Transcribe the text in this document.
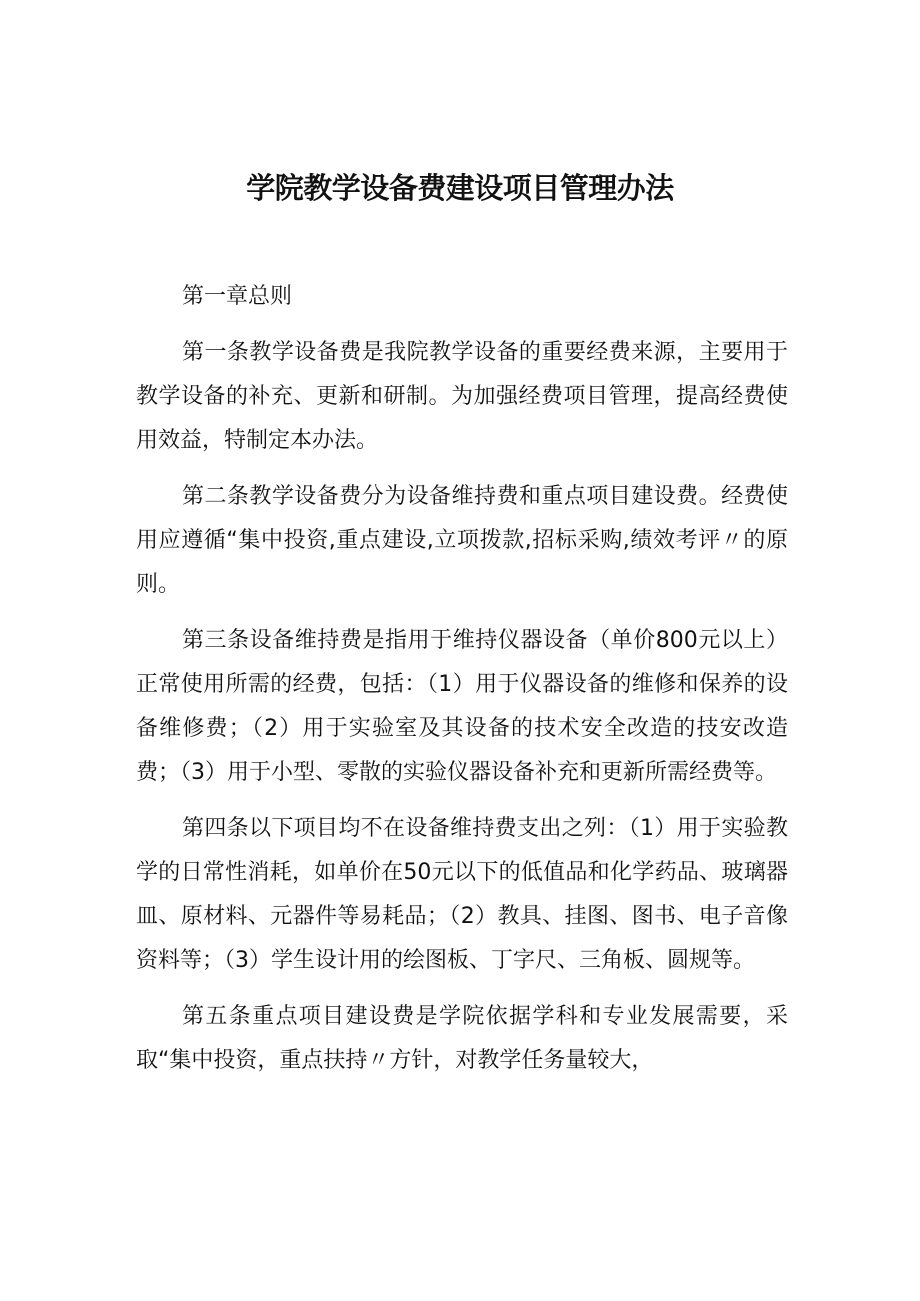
学院教学设备费建设项目管理办法

第一章总则

第一条教学设备费是我院教学设备的重要经费来源，主要用于教学设备的补充、更新和研制。为加强经费项目管理，提高经费使用效益，特制定本办法。

第二条教学设备费分为设备维持费和重点项目建设费。经费使用应遵循“集中投资,重点建设,立项拨款,招标采购,绩效考评〃的原则。

第三条设备维持费是指用于维持仪器设备（单价800元以上）正常使用所需的经费，包括：（1）用于仪器设备的维修和保养的设备维修费；（2）用于实验室及其设备的技术安全改造的技安改造费；（3）用于小型、零散的实验仪器设备补充和更新所需经费等。

第四条以下项目均不在设备维持费支出之列：（1）用于实验教学的日常性消耗，如单价在50元以下的低值品和化学药品、玻璃器皿、原材料、元器件等易耗品；（2）教具、挂图、图书、电子音像资料等；（3）学生设计用的绘图板、丁字尺、三角板、圆规等。

第五条重点项目建设费是学院依据学科和专业发展需要，采取“集中投资，重点扶持〃方针，对教学任务量较大，
